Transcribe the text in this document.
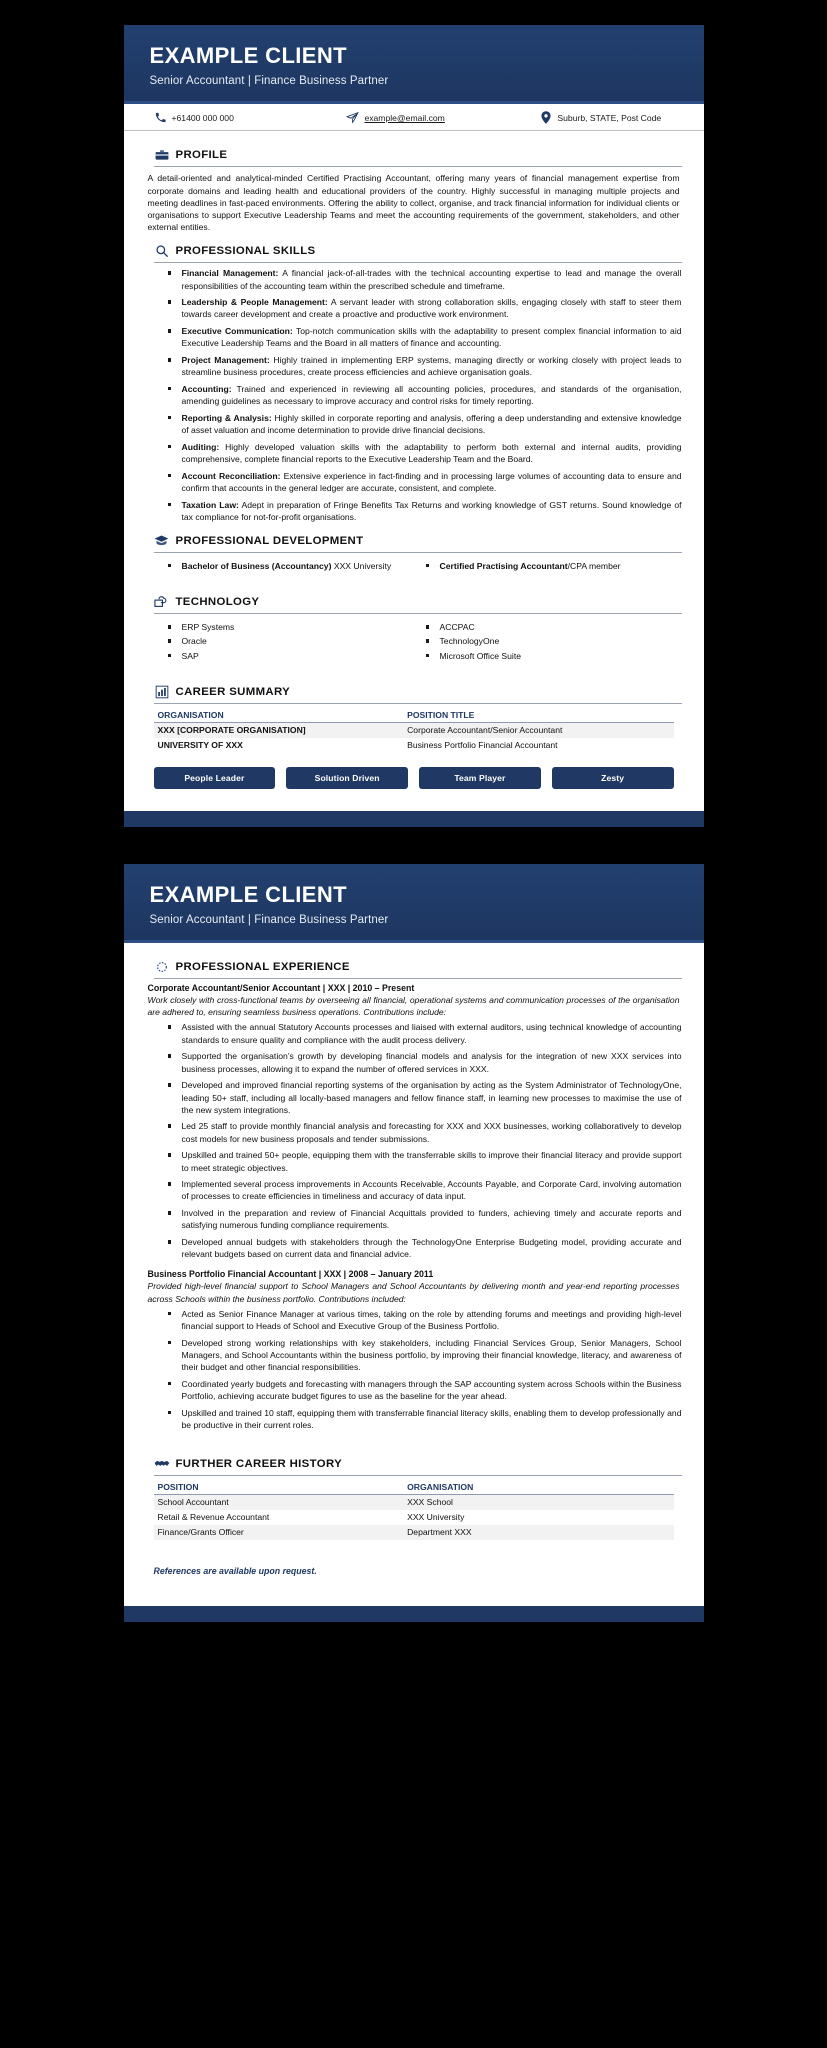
EXAMPLE CLIENT
Senior Accountant | Finance Business Partner
+61400 000 000	example@email.com	Suburb, STATE, Post Code
PROFILE
A detail-oriented and analytical-minded Certified Practising Accountant, offering many years of financial management expertise from corporate domains and leading health and educational providers of the country. Highly successful in managing multiple projects and meeting deadlines in fast-paced environments. Offering the ability to collect, organise, and track financial information for individual clients or organisations to support Executive Leadership Teams and meet the accounting requirements of the government, stakeholders, and other external entities.
PROFESSIONAL SKILLS
Financial Management: A financial jack-of-all-trades with the technical accounting expertise to lead and manage the overall responsibilities of the accounting team within the prescribed schedule and timeframe.
Leadership & People Management: A servant leader with strong collaboration skills, engaging closely with staff to steer them towards career development and create a proactive and productive work environment.
Executive Communication: Top-notch communication skills with the adaptability to present complex financial information to aid Executive Leadership Teams and the Board in all matters of finance and accounting.
Project Management: Highly trained in implementing ERP systems, managing directly or working closely with project leads to streamline business procedures, create process efficiencies and achieve organisation goals.
Accounting: Trained and experienced in reviewing all accounting policies, procedures, and standards of the organisation, amending guidelines as necessary to improve accuracy and control risks for timely reporting.
Reporting & Analysis: Highly skilled in corporate reporting and analysis, offering a deep understanding and extensive knowledge of asset valuation and income determination to provide drive financial decisions.
Auditing: Highly developed valuation skills with the adaptability to perform both external and internal audits, providing comprehensive, complete financial reports to the Executive Leadership Team and the Board.
Account Reconciliation: Extensive experience in fact-finding and in processing large volumes of accounting data to ensure and confirm that accounts in the general ledger are accurate, consistent, and complete.
Taxation Law: Adept in preparation of Fringe Benefits Tax Returns and working knowledge of GST returns. Sound knowledge of tax compliance for not-for-profit organisations.
PROFESSIONAL DEVELOPMENT
Bachelor of Business (Accountancy) XXX University	Certified Practising Accountant/CPA member
TECHNOLOGY
ERP Systems
Oracle
SAP
ACCPAC
TechnologyOne
Microsoft Office Suite
CAREER SUMMARY
ORGANISATION	POSITION TITLE
XXX [CORPORATE ORGANISATION]	Corporate Accountant/Senior Accountant
UNIVERSITY OF XXX	Business Portfolio Financial Accountant
People Leader	Solution Driven	Team Player	Zesty
EXAMPLE CLIENT
Senior Accountant | Finance Business Partner
PROFESSIONAL EXPERIENCE
Corporate Accountant/Senior Accountant | XXX | 2010 – Present
Work closely with cross-functional teams by overseeing all financial, operational systems and communication processes of the organisation are adhered to, ensuring seamless business operations. Contributions include:
Assisted with the annual Statutory Accounts processes and liaised with external auditors, using technical knowledge of accounting standards to ensure quality and compliance with the audit process delivery.
Supported the organisation’s growth by developing financial models and analysis for the integration of new XXX services into business processes, allowing it to expand the number of offered services in XXX.
Developed and improved financial reporting systems of the organisation by acting as the System Administrator of TechnologyOne, leading 50+ staff, including all locally-based managers and fellow finance staff, in learning new processes to maximise the use of the new system integrations.
Led 25 staff to provide monthly financial analysis and forecasting for XXX and XXX businesses, working collaboratively to develop cost models for new business proposals and tender submissions.
Upskilled and trained 50+ people, equipping them with the transferrable skills to improve their financial literacy and provide support to meet strategic objectives.
Implemented several process improvements in Accounts Receivable, Accounts Payable, and Corporate Card, involving automation of processes to create efficiencies in timeliness and accuracy of data input.
Involved in the preparation and review of Financial Acquittals provided to funders, achieving timely and accurate reports and satisfying numerous funding compliance requirements.
Developed annual budgets with stakeholders through the TechnologyOne Enterprise Budgeting model, providing accurate and relevant budgets based on current data and financial advice.
Business Portfolio Financial Accountant | XXX | 2008 – January 2011
Provided high-level financial support to School Managers and School Accountants by delivering month and year-end reporting processes across Schools within the business portfolio. Contributions included:
Acted as Senior Finance Manager at various times, taking on the role by attending forums and meetings and providing high-level financial support to Heads of School and Executive Group of the Business Portfolio.
Developed strong working relationships with key stakeholders, including Financial Services Group, Senior Managers, School Managers, and School Accountants within the business portfolio, by improving their financial knowledge, literacy, and awareness of their budget and other financial responsibilities.
Coordinated yearly budgets and forecasting with managers through the SAP accounting system across Schools within the Business Portfolio, achieving accurate budget figures to use as the baseline for the year ahead.
Upskilled and trained 10 staff, equipping them with transferrable financial literacy skills, enabling them to develop professionally and be productive in their current roles.
FURTHER CAREER HISTORY
POSITION	ORGANISATION
School Accountant	XXX School
Retail & Revenue Accountant	XXX University
Finance/Grants Officer	Department XXX
References are available upon request.
